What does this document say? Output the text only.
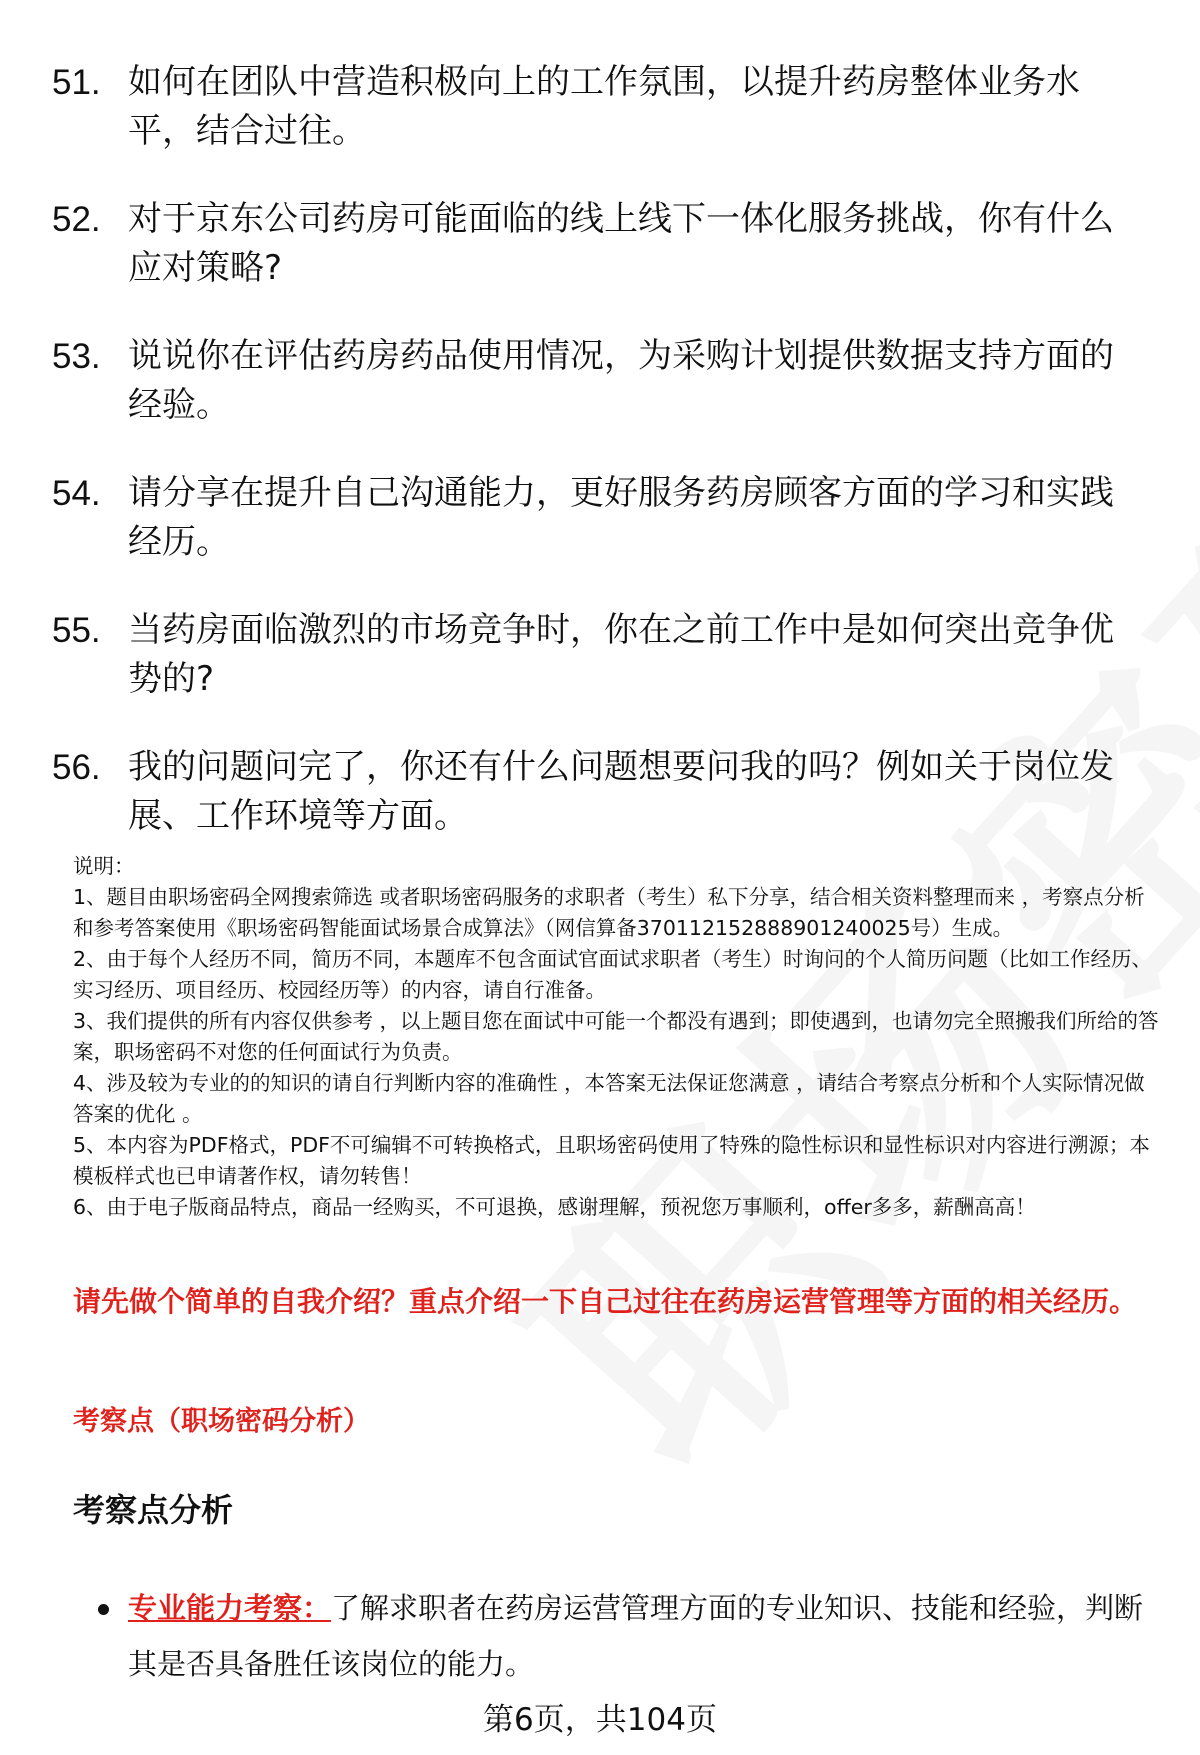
51. 如何在团队中营造积极向上的工作氛围，以提升药房整体业务水平，结合过往。
52. 对于京东公司药房可能面临的线上线下一体化服务挑战，你有什么应对策略?
53. 说说你在评估药房药品使用情况，为采购计划提供数据支持方面的经验。
54. 请分享在提升自己沟通能力，更好服务药房顾客方面的学习和实践经历。
55. 当药房面临激烈的市场竞争时，你在之前工作中是如何突出竞争优势的?
56. 我的问题问完了，你还有什么问题想要问我的吗？例如关于岗位发展、工作环境等方面。

说明：

1、题目由职场密码全网搜索筛选 或者职场密码服务的求职者（考生）私下分享，结合相关资料整理而来 ，考察点分析和参考答案使用《职场密码智能面试场景合成算法》（网信算备370112152888901240025号）生成。

2、由于每个人经历不同，简历不同，本题库不包含面试官面试求职者（考生）时询问的个人简历问题（比如工作经历、实习经历、项目经历、校园经历等）的内容，请自行准备。

3、我们提供的所有内容仅供参考 ，以上题目您在面试中可能一个都没有遇到；即使遇到，也请勿完全照搬我们所给的答案，职场密码不对您的任何面试行为负责。

4、涉及较为专业的的知识的请自行判断内容的准确性 ，本答案无法保证您满意 ，请结合考察点分析和个人实际情况做答案的优化 。

5、本内容为PDF格式，PDF不可编辑不可转换格式，且职场密码使用了特殊的隐性标识和显性标识对内容进行溯源；本模板样式也已申请著作权，请勿转售！

6、由于电子版商品特点，商品一经购买，不可退换，感谢理解，预祝您万事顺利，offer多多，薪酬高高！

请先做个简单的自我介绍？重点介绍一下自己过往在药房运营管理等方面的相关经历。
考察点（职场密码分析）
考察点分析
专业能力考察：了解求职者在药房运营管理方面的专业知识、技能和经验，判断其是否具备胜任该岗位的能力。
第6页，共104页
